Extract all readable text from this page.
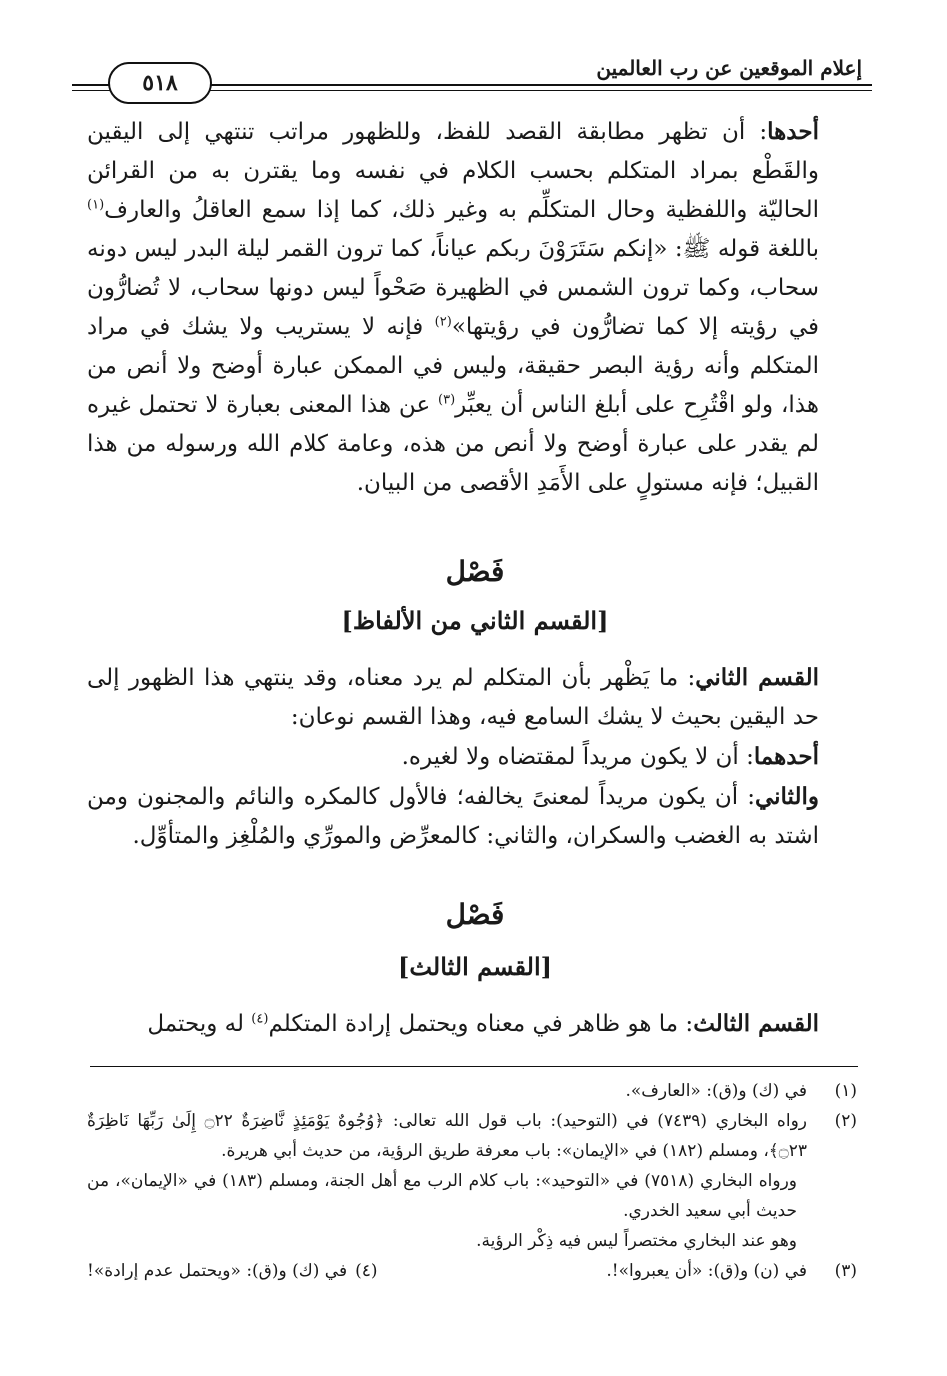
إعلام الموقعين عن رب العالمين
٥١٨

أحدها: أن تظهر مطابقة القصد للفظ، وللظهور مراتب تنتهي إلى اليقين والقَطْع بمراد المتكلم بحسب الكلام في نفسه وما يقترن به من القرائن الحاليّة واللفظية وحال المتكلِّم به وغير ذلك، كما إذا سمع العاقلُ والعارف$^{(١)}$ باللغة قوله ﷺ: «إنكم سَتَرَوْنَ ربكم عياناً، كما ترون القمر ليلة البدر ليس دونه سحاب، وكما ترون الشمس في الظهيرة صَحْواً ليس دونها سحاب، لا تُضارُّون في رؤيته إلا كما تضارُّون في رؤيتها»$^{(٢)}$ فإنه لا يستريب ولا يشك في مراد المتكلم وأنه رؤية البصر حقيقة، وليس في الممكن عبارة أوضح ولا أنص من هذا، ولو اقْتُرِح على أبلغ الناس أن يعبِّر$^{(٣)}$ عن هذا المعنى بعبارة لا تحتمل غيره لم يقدر على عبارة أوضح ولا أنص من هذه، وعامة كلام الله ورسوله من هذا القبيل؛ فإنه مستولٍ على الأَمَدِ الأقصى من البيان.

فَصْل
[القسم الثاني من الألفاظ]

القسم الثاني: ما يَظْهر بأن المتكلم لم يرد معناه، وقد ينتهي هذا الظهور إلى حد اليقين بحيث لا يشك السامع فيه، وهذا القسم نوعان:

أحدهما: أن لا يكون مريداً لمقتضاه ولا لغيره.

والثاني: أن يكون مريداً لمعنىً يخالفه؛ فالأول كالمكره والنائم والمجنون ومن اشتد به الغضب والسكران، والثاني: كالمعرِّض والمورِّي والمُلْغِز والمتأوِّل.

فَصْل
[القسم الثالث]

القسم الثالث: ما هو ظاهر في معناه ويحتمل إرادة المتكلم$^{(٤)}$ له ويحتمل

(١)
في (ك) و(ق): «العارف».
(٢)
رواه البخاري (٧٤٣٩) في (التوحيد): باب قول الله تعالى: ﴿وُجُوهٌ يَوْمَئِذٍ نَّاضِرَةٌ ۝٢٢ إِلَىٰ رَبِّهَا نَاظِرَةٌ ۝٢٣﴾، ومسلم (١٨٢) في «الإيمان»: باب معرفة طريق الرؤية، من حديث أبي هريرة.
ورواه البخاري (٧٥١٨) في «التوحيد»: باب كلام الرب مع أهل الجنة، ومسلم (١٨٣) في «الإيمان»، من حديث أبي سعيد الخدري.
وهو عند البخاري مختصراً ليس فيه ذِكْر الرؤية.
(٣)
في (ن) و(ق): «أن يعبروا»!.
(٤)في (ك) و(ق): «ويحتمل عدم إرادة»!
